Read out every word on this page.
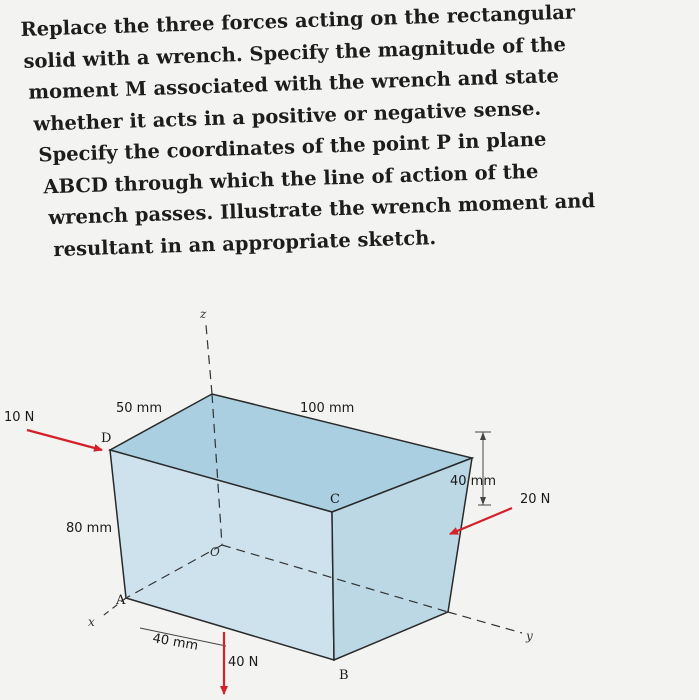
Replace the three forces acting on the rectangular
solid with a wrench. Specify the magnitude of the
moment M associated with the wrench and state
whether it acts in a positive or negative sense.
Specify the coordinates of the point P in plane
ABCD through which the line of action of the
wrench passes. Illustrate the wrench moment and
resultant in an appropriate sketch.
50 mm	100 mm
80 mm
40 mm
40 mm
10 N
20 N
40 N
D
C
A
B
O
z
x
y
